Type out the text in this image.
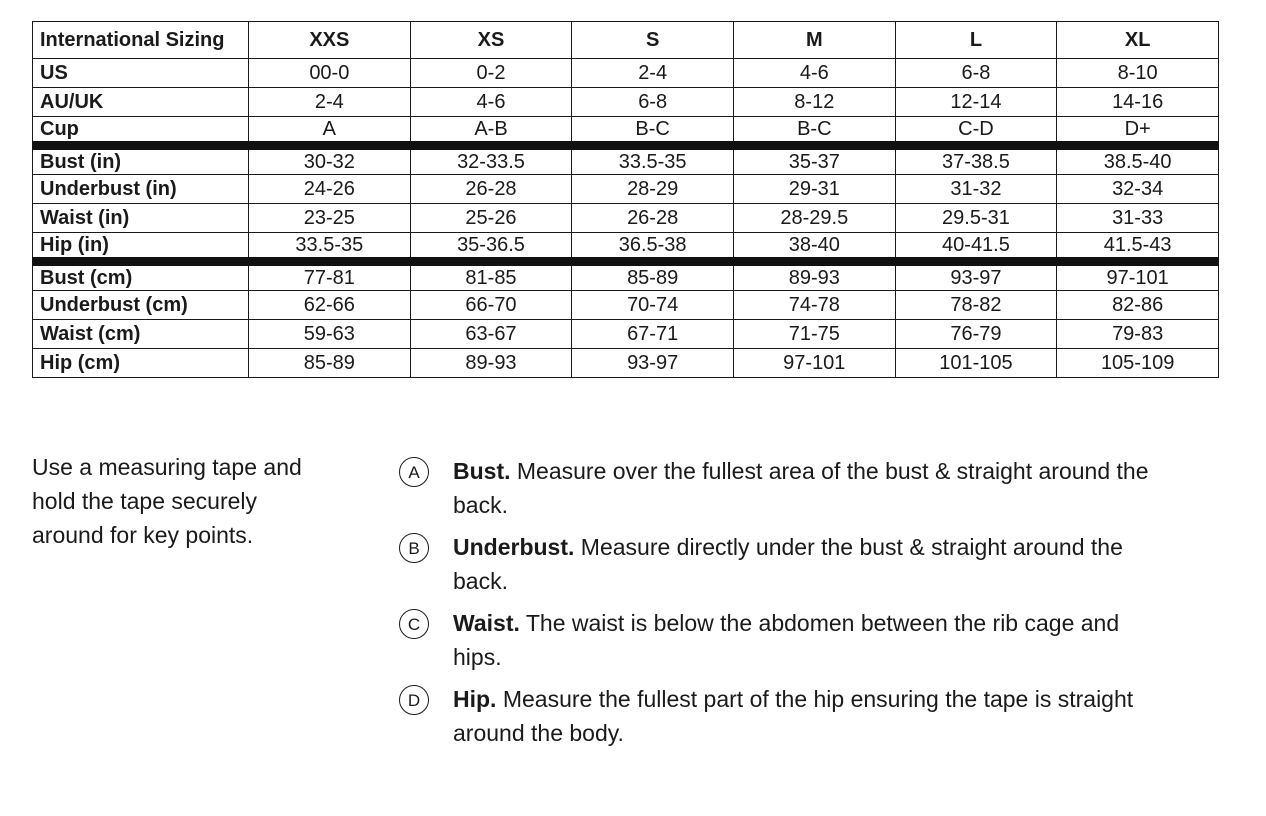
International Sizing	XXS	XS	S	M	L	XL
US	00-0	0-2	2-4	4-6	6-8	8-10
AU/UK	2-4	4-6	6-8	8-12	12-14	14-16
Cup	A	A-B	B-C	B-C	C-D	D+
Bust (in)	30-32	32-33.5	33.5-35	35-37	37-38.5	38.5-40
Underbust (in)	24-26	26-28	28-29	29-31	31-32	32-34
Waist (in)	23-25	25-26	26-28	28-29.5	29.5-31	31-33
Hip (in)	33.5-35	35-36.5	36.5-38	38-40	40-41.5	41.5-43
Bust (cm)	77-81	81-85	85-89	89-93	93-97	97-101
Underbust (cm)	62-66	66-70	70-74	74-78	78-82	82-86
Waist (cm)	59-63	63-67	67-71	71-75	76-79	79-83
Hip (cm)	85-89	89-93	93-97	97-101	101-105	105-109
Use a measuring tape and hold the tape securely around for key points.
A	Bust. Measure over the fullest area of the bust & straight around the back.
B	Underbust. Measure directly under the bust & straight around the back.
C	Waist. The waist is below the abdomen between the rib cage and hips.
D	Hip. Measure the fullest part of the hip ensuring the tape is straight around the body.
